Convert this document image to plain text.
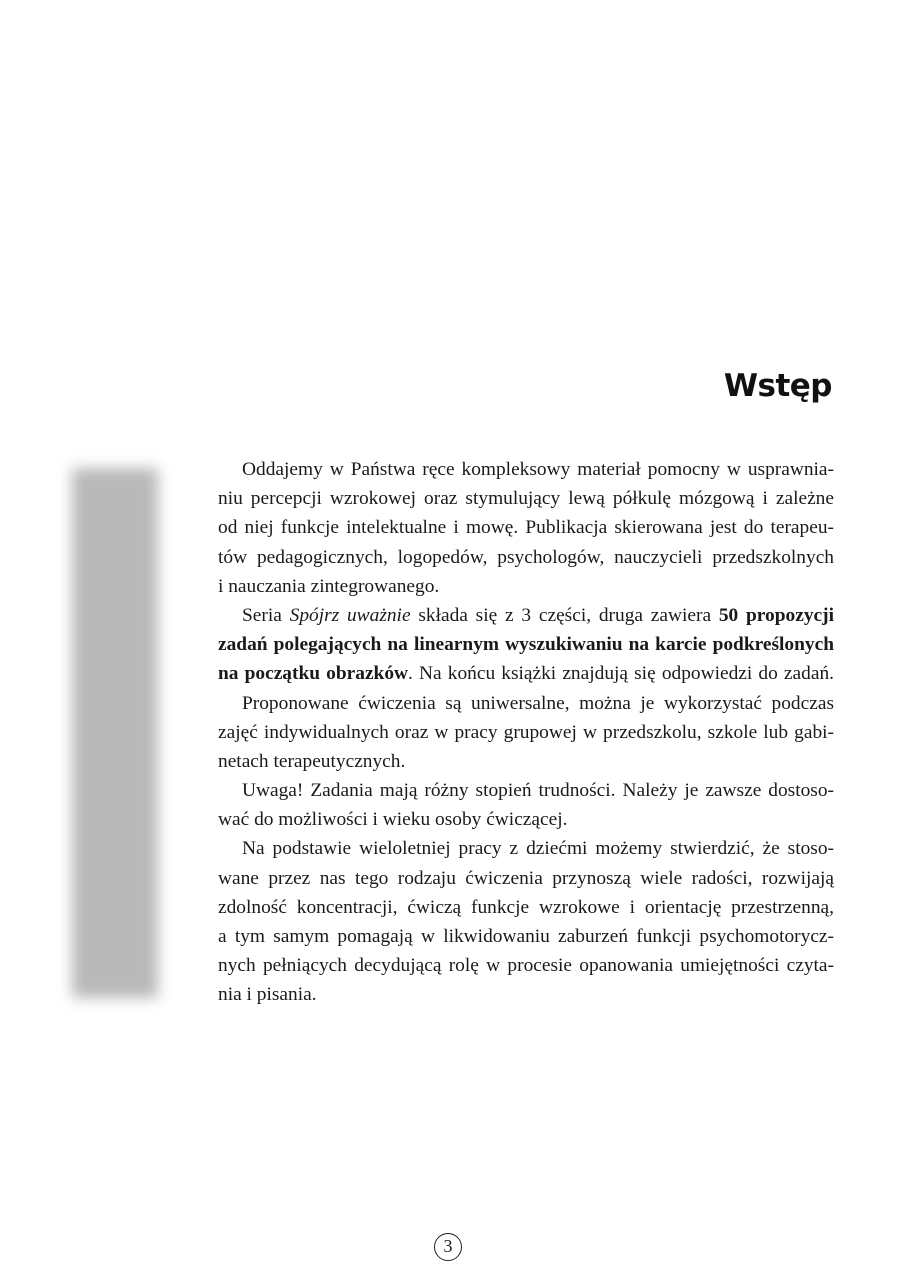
Wstęp
Oddajemy w Państwa ręce kompleksowy materiał pomocny w usprawnia-
niu percepcji wzrokowej oraz stymulujący lewą półkulę mózgową i zależne
od niej funkcje intelektualne i mowę. Publikacja skierowana jest do terapeu-
tów pedagogicznych, logopedów, psychologów, nauczycieli przedszkolnych
i nauczania zintegrowanego.
Seria Spójrz uważnie składa się z 3 części, druga zawiera 50 propozycji
zadań polegających na linearnym wyszukiwaniu na karcie podkreślonych
na początku obrazków. Na końcu książki znajdują się odpowiedzi do zadań.
Proponowane ćwiczenia są uniwersalne, można je wykorzystać podczas
zajęć indywidualnych oraz w pracy grupowej w przedszkolu, szkole lub gabi-
netach terapeutycznych.
Uwaga! Zadania mają różny stopień trudności. Należy je zawsze dostoso-
wać do możliwości i wieku osoby ćwiczącej.
Na podstawie wieloletniej pracy z dziećmi możemy stwierdzić, że stoso-
wane przez nas tego rodzaju ćwiczenia przynoszą wiele radości, rozwijają
zdolność koncentracji, ćwiczą funkcje wzrokowe i orientację przestrzenną,
a tym samym pomagają w likwidowaniu zaburzeń funkcji psychomotorycz-
nych pełniących decydującą rolę w procesie opanowania umiejętności czyta-
nia i pisania.
3
